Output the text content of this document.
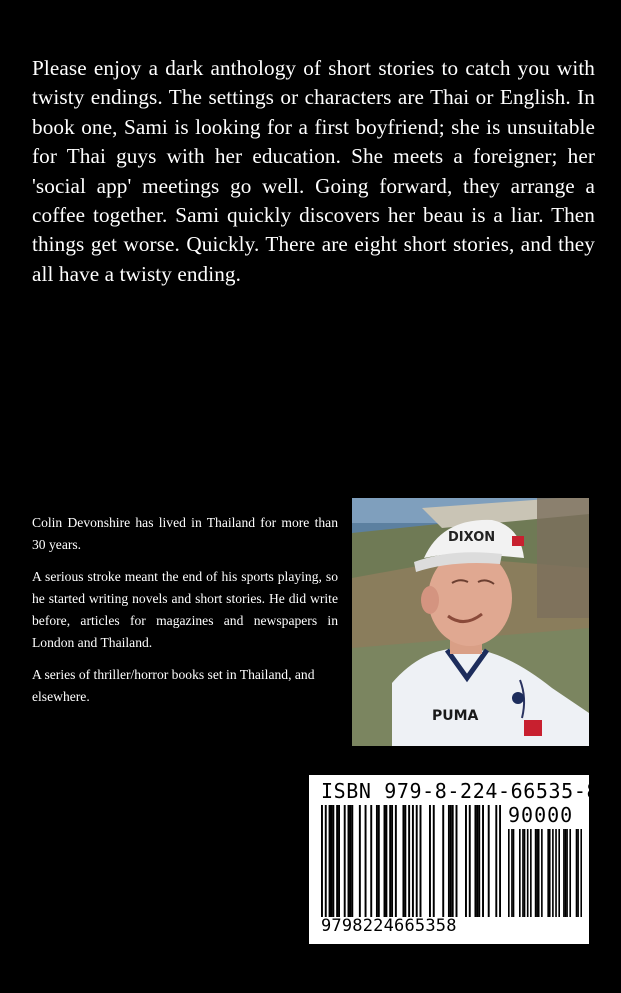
Please enjoy a dark anthology of short stories to catch you with twisty endings. The settings or characters are Thai or English. In book one, Sami is looking for a first boyfriend; she is unsuitable for Thai guys with her education. She meets a foreigner; her 'social app' meetings go well. Going forward, they arrange a coffee together. Sami quickly discovers her beau is a liar. Then things get worse. Quickly. There are eight short stories, and they all have a twisty ending.

Colin Devonshire has lived in Thailand for more than 30 years.

A serious stroke meant the end of his sports playing, so he started writing novels and short stories. He did write before, articles for magazines and newspapers in London and Thailand.

A series of thriller/horror books set in Thailand, and elsewhere.

PUMA
DIXON
ISBN 979-8-224-66535-8
90000
9798224665358
